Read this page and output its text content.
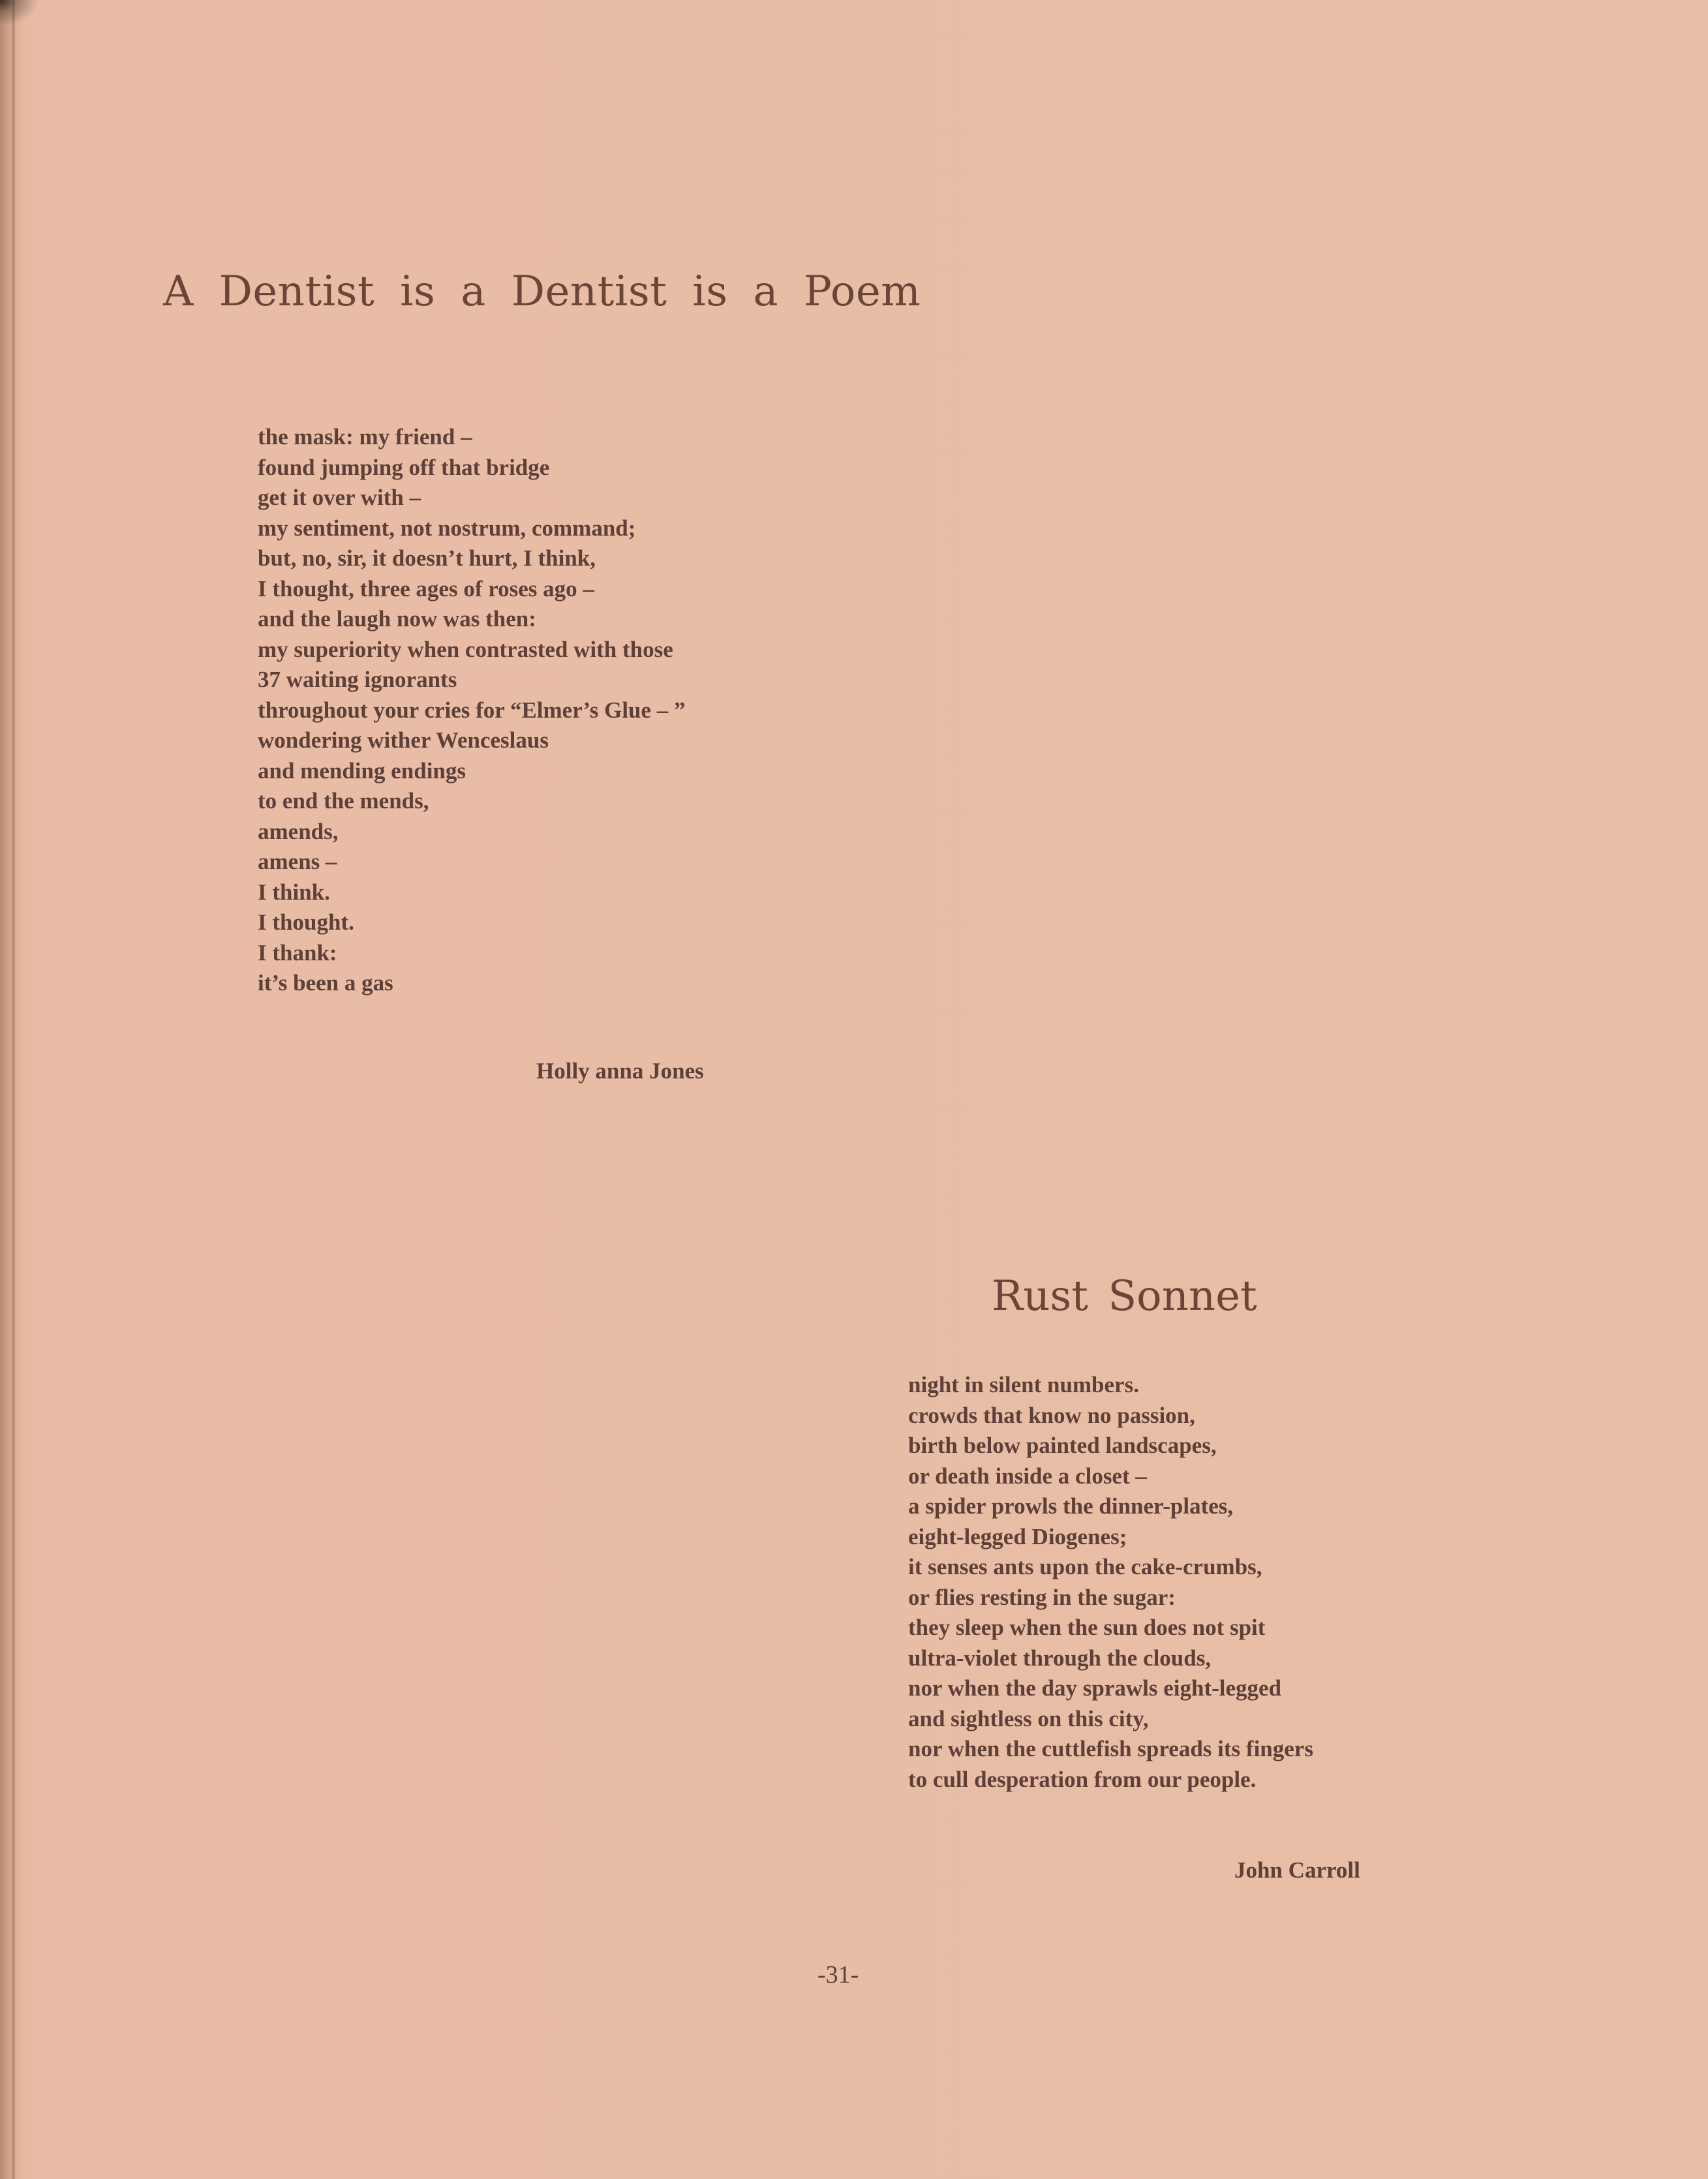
A Dentist is a Dentist is a Poem
the mask: my friend –
found jumping off that bridge
get it over with –
my sentiment, not nostrum, command;
but, no, sir, it doesn’t hurt, I think,
I thought, three ages of roses ago –
and the laugh now was then:
my superiority when contrasted with those
37 waiting ignorants
throughout your cries for “Elmer’s Glue – ”
wondering wither Wenceslaus
and mending endings
to end the mends,
amends,
amens –
I think.
I thought.
I thank:
it’s been a gas

Holly anna Jones

Rust Sonnet
night in silent numbers.
crowds that know no passion,
birth below painted landscapes,
or death inside a closet –
a spider prowls the dinner-plates,
eight-legged Diogenes;
it senses ants upon the cake-crumbs,
or flies resting in the sugar:
they sleep when the sun does not spit
ultra-violet through the clouds,
nor when the day sprawls eight-legged
and sightless on this city,
nor when the cuttlefish spreads its fingers
to cull desperation from our people.

John Carroll

-31-
